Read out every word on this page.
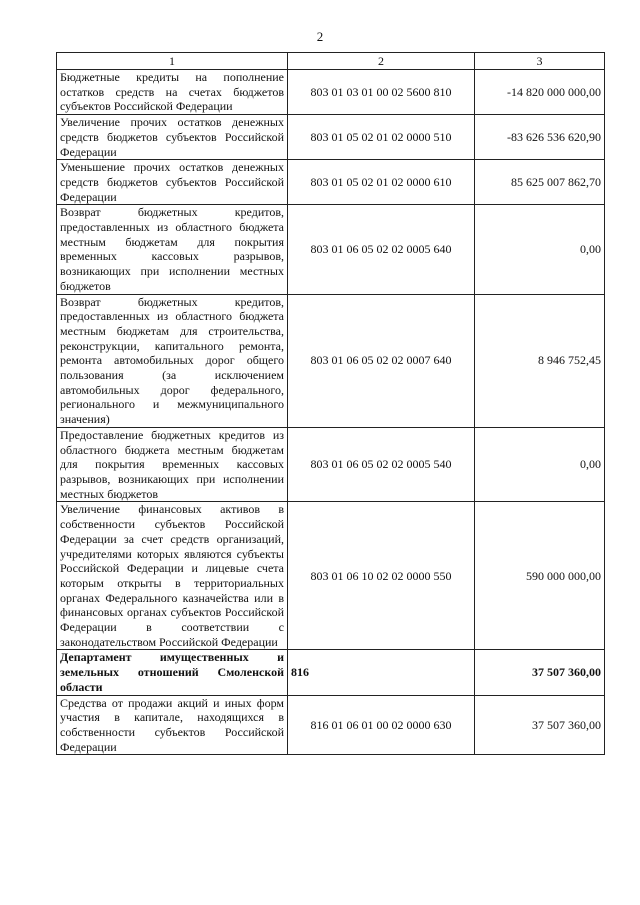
2
1	2	3
Бюджетные кредиты на пополнение остатков средств на счетах бюджетов субъектов Российской Федерации	803 01 03 01 00 02 5600 810	-14 820 000 000,00
Увеличение прочих остатков денежных средств бюджетов субъектов Российской Федерации	803 01 05 02 01 02 0000 510	-83 626 536 620,90
Уменьшение прочих остатков денежных средств бюджетов субъектов Российской Федерации	803 01 05 02 01 02 0000 610	85 625 007 862,70
Возврат бюджетных кредитов, предоставленных из областного бюджета местным бюджетам для покрытия временных кассовых разрывов, возникающих при исполнении местных бюджетов	803 01 06 05 02 02 0005 640	0,00
Возврат бюджетных кредитов, предоставленных из областного бюджета местным бюджетам для строительства, реконструкции, капитального ремонта, ремонта автомобильных дорог общего пользования (за исключением автомобильных дорог федерального, регионального и межмуниципального значения)	803 01 06 05 02 02 0007 640	8 946 752,45
Предоставление бюджетных кредитов из областного бюджета местным бюджетам для покрытия временных кассовых разрывов, возникающих при исполнении местных бюджетов	803 01 06 05 02 02 0005 540	0,00
Увеличение финансовых активов в собственности субъектов Российской Федерации за счет средств организаций, учредителями которых являются субъекты Российской Федерации и лицевые счета которым открыты в территориальных органах Федерального казначейства или в финансовых органах субъектов Российской Федерации в соответствии с законодательством Российской Федерации	803 01 06 10 02 02 0000 550	590 000 000,00
Департамент имущественных и земельных отношений Смоленской области	816	37 507 360,00
Средства от продажи акций и иных форм участия в капитале, находящихся в собственности субъектов Российской Федерации	816 01 06 01 00 02 0000 630	37 507 360,00
